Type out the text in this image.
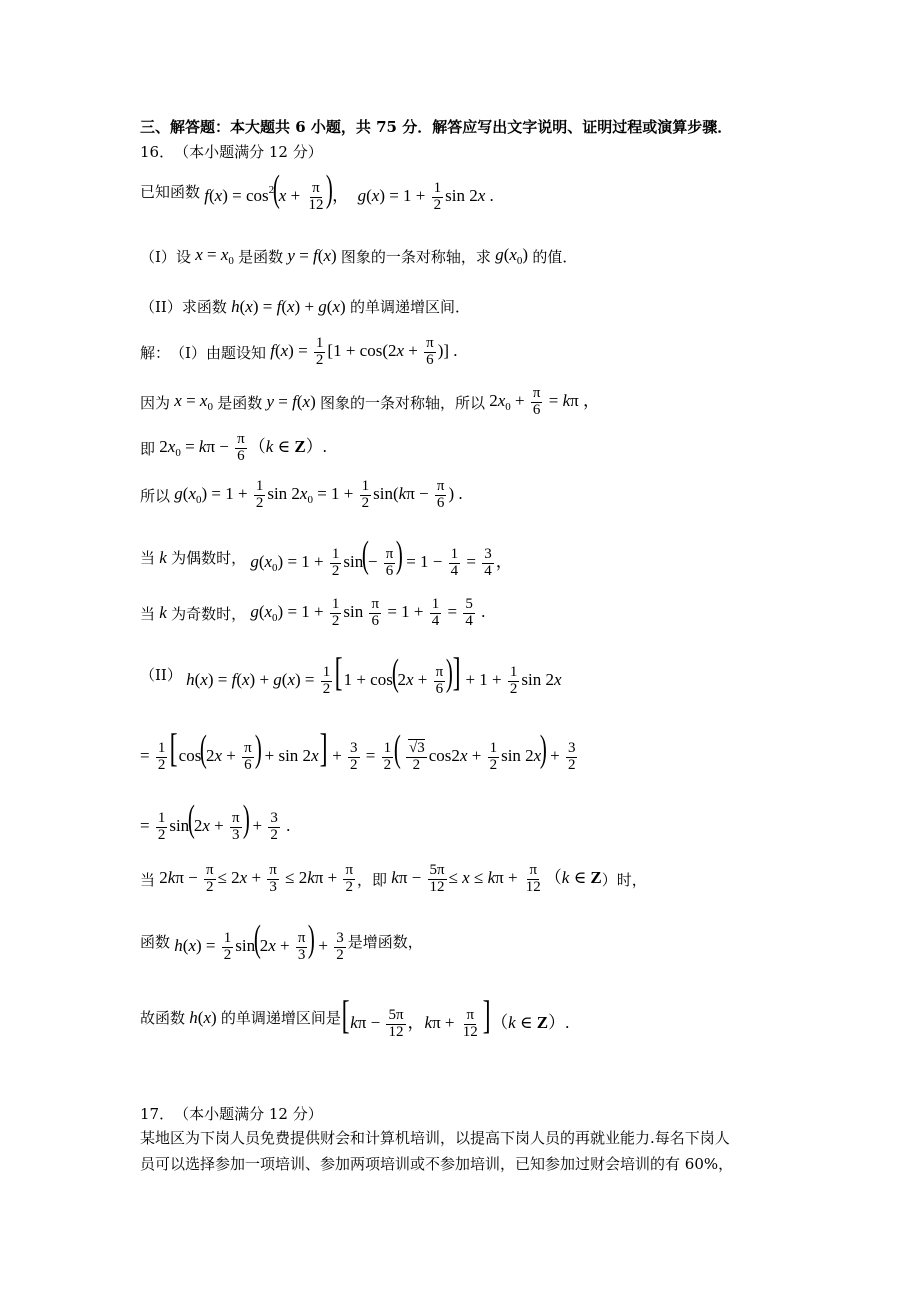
三、解答题：本大题共 6 小题，共 75 分．解答应写出文字说明、证明过程或演算步骤．
16． （本小题满分 12 分）
已知函数 $f(x) = \cos^2(x + \frac{\pi}{12}$ )，  $g(x) = 1 + \frac{1}{2}$ sin 2x .
（I） 设 $x = x_0$ 是函数 y = f(x) 图象的一条对称轴，求 $g(x_0)$ 的值．
（II） 求函数 h(x) = f(x) + g(x) 的单调递增区间．
解： （I） 由题设知 $f(x) = \frac{1}{2} [1 + \cos(2x + \frac{\pi}{6}$ )] .
因为 $x = x_0$ 是函数 y = f(x) 图象的一条对称轴，所以 $2x_0 + \frac{\pi}{6} = k\pi$ ，
即 $2x_0 = k\pi - \frac{\pi}{6} (k$ ∈ Z）.
所以 $g(x_0) = 1 + \frac{1}{2}$ $\sin 2x_0 = 1 + \frac{1}{2} \sin(k\pi - \frac{\pi}{6}$ ) .
当 k 为偶数时， $g(x_0) = 1 + \frac{1}{2} \sin(- \frac{\pi}{6}$ ) = $1 - \frac{1}{4} = \frac{3}{4}$ ，
当 k 为奇数时， $g(x_0) = 1 + \frac{1}{2}$ $\sin \frac{\pi}{6} = 1 + \frac{1}{4} = \frac{5}{4}$ .
（II） $h(x) = f(x) + g(x) = \frac{1}{2} [1 + \cos(2x + \frac{\pi}{6}$ )] + $1 + \frac{1}{2}$ sin 2x
= $\frac{1}{2} [\cos(2x + \frac{\pi}{6}$ ) + $\sin 2x] + \frac{3}{2} = \frac{1}{2}$ ( $\frac{√3}{2} \cos 2x + \frac{1}{2}$ $\sin 2x) + \frac{3}{2}$
= $\frac{1}{2} \sin(2x + \frac{\pi}{3}$ ) + $\frac{3}{2}$ .
当 $2k\pi - \frac{\pi}{2} \le 2x + \frac{\pi}{3} \le 2k\pi + \frac{\pi}{2}$ ，即 $k\pi - \frac{5\pi}{12} \le x \le k\pi + \frac{\pi}{12} (k$ ∈ Z ）时，
函数 $h(x) = \frac{1}{2} \sin(2x + \frac{\pi}{3}$ ) + $\frac{3}{2}$ 是增函数，
故函数 h(x) 的单调递增区间是 [$k\pi - \frac{5\pi}{12}$ ，$k\pi + \frac{\pi}{12} ](k$ ∈ Z）.
17． （本小题满分 12 分）
某地区为下岗人员免费提供财会和计算机培训，以提高下岗人员的再就业能力.每名下岗人
员可以选择参加一项培训、参加两项培训或不参加培训，已知参加过财会培训的有 60%，
